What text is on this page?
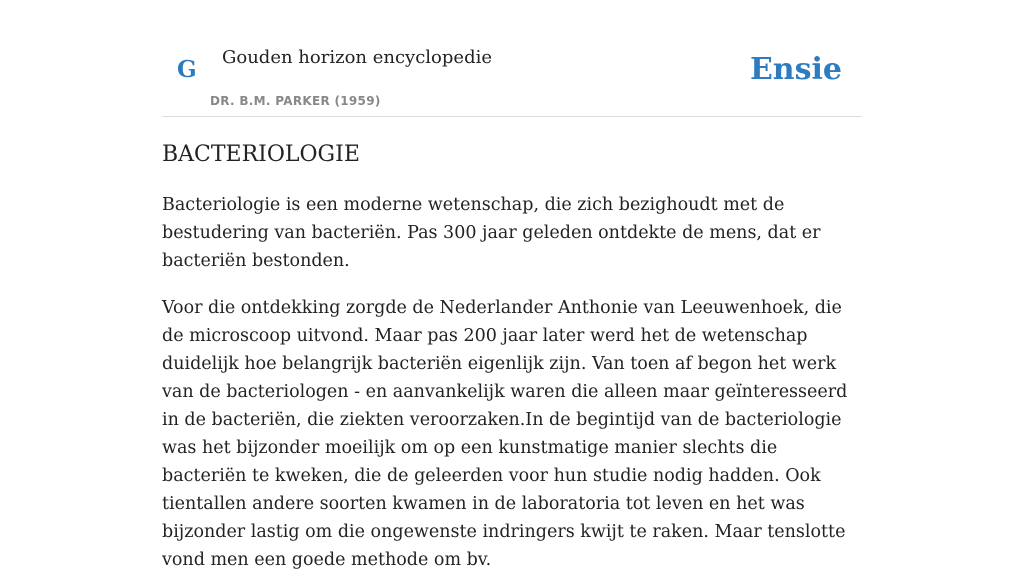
G Gouden horizon encyclopedie
DR. B.M. PARKER (1959)
Ensie
BACTERIOLOGIE

Bacteriologie is een moderne wetenschap, die zich bezighoudt met de bestudering van bacteriën. Pas 300 jaar geleden ontdekte de mens, dat er bacteriën bestonden.

Voor die ontdekking zorgde de Nederlander Anthonie van Leeuwenhoek, die de microscoop uitvond. Maar pas 200 jaar later werd het de wetenschap duidelijk hoe belangrijk bacteriën eigenlijk zijn. Van toen af begon het werk van de bacteriologen - en aanvankelijk waren die alleen maar geïnteresseerd in de bacteriën, die ziekten veroorzaken.In de begintijd van de bacteriologie was het bijzonder moeilijk om op een kunstmatige manier slechts die bacteriën te kweken, die de geleerden voor hun studie nodig hadden. Ook tientallen andere soorten kwamen in de laboratoria tot leven en het was bijzonder lastig om die ongewenste indringers kwijt te raken. Maar tenslotte vond men een goede methode om bv.
